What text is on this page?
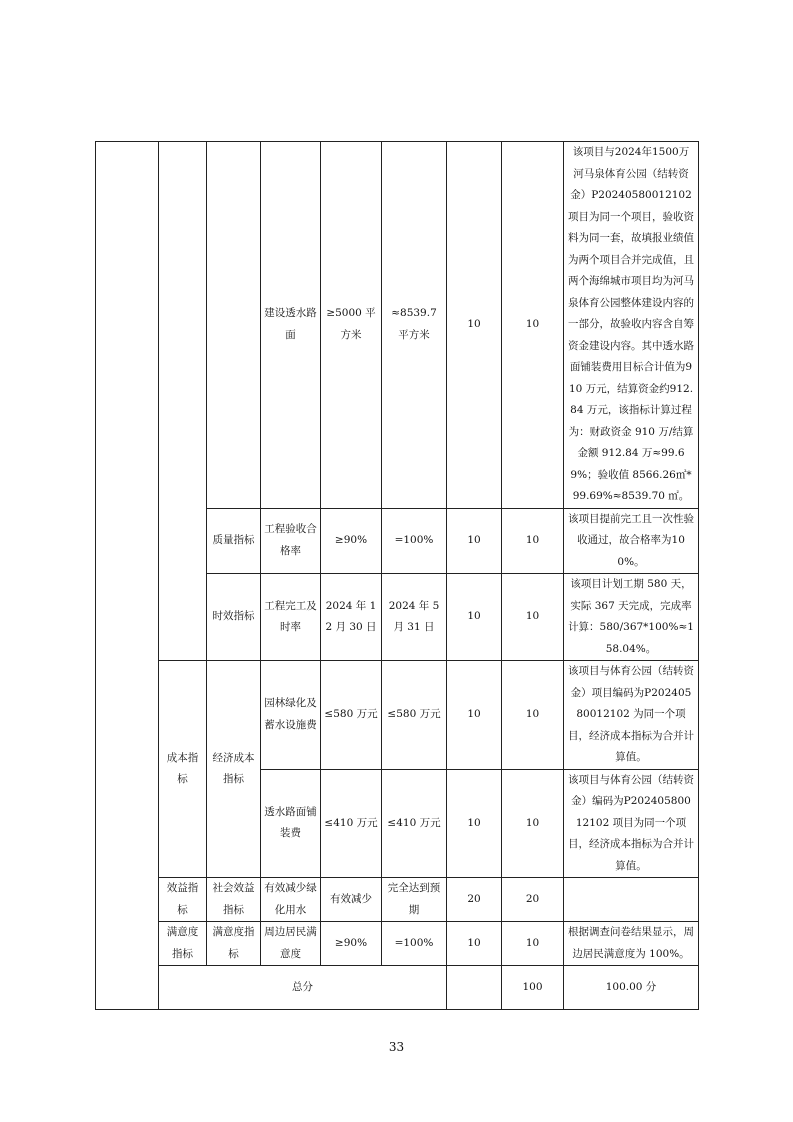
			建设透水路面	≥5000 平方米	≈8539.7 平方米	10	10	该项目与2024年1500万河马泉体育公园（结转资金）P20240580012102 项目为同一个项目，验收资料为同一套，故填报业绩值为两个项目合并完成值，且两个海绵城市项目均为河马泉体育公园整体建设内容的一部分，故验收内容含自筹资金建设内容。其中透水路面铺装费用目标合计值为910 万元，结算资金约912.84 万元，该指标计算过程为：财政资金 910 万/结算金额 912.84 万≈99.69%；验收值 8566.26㎡*99.69%≈8539.70 ㎡。	
		质量指标	工程验收合格率	≥90%	=100%	10	10	该项目提前完工且一次性验收通过，故合格率为100%。	
		时效指标	工程完工及时率	2024 年 12 月 30 日	2024 年 5 月 31 日	10	10	该项目计划工期 580 天，实际 367 天完成，完成率计算：580/367*100%≈158.04%。	
	成本指标	经济成本指标	园林绿化及蓄水设施费	≤580 万元	≤580 万元	10	10	该项目与体育公园（结转资金）项目编码为P20240580012102 为同一个项目，经济成本指标为合并计算值。	
			透水路面铺装费	≤410 万元	≤410 万元	10	10	该项目与体育公园（结转资金）编码为P20240580012102 项目为同一个项目，经济成本指标为合并计算值。	
	效益指标	社会效益指标	有效减少绿化用水	有效减少	完全达到预期	20	20		
	满意度指标	满意度指标	周边居民满意度	≥90%	=100%	10	10	根据调查问卷结果显示，周边居民满意度为 100%。	
	总分						100	100.00 分	
33
